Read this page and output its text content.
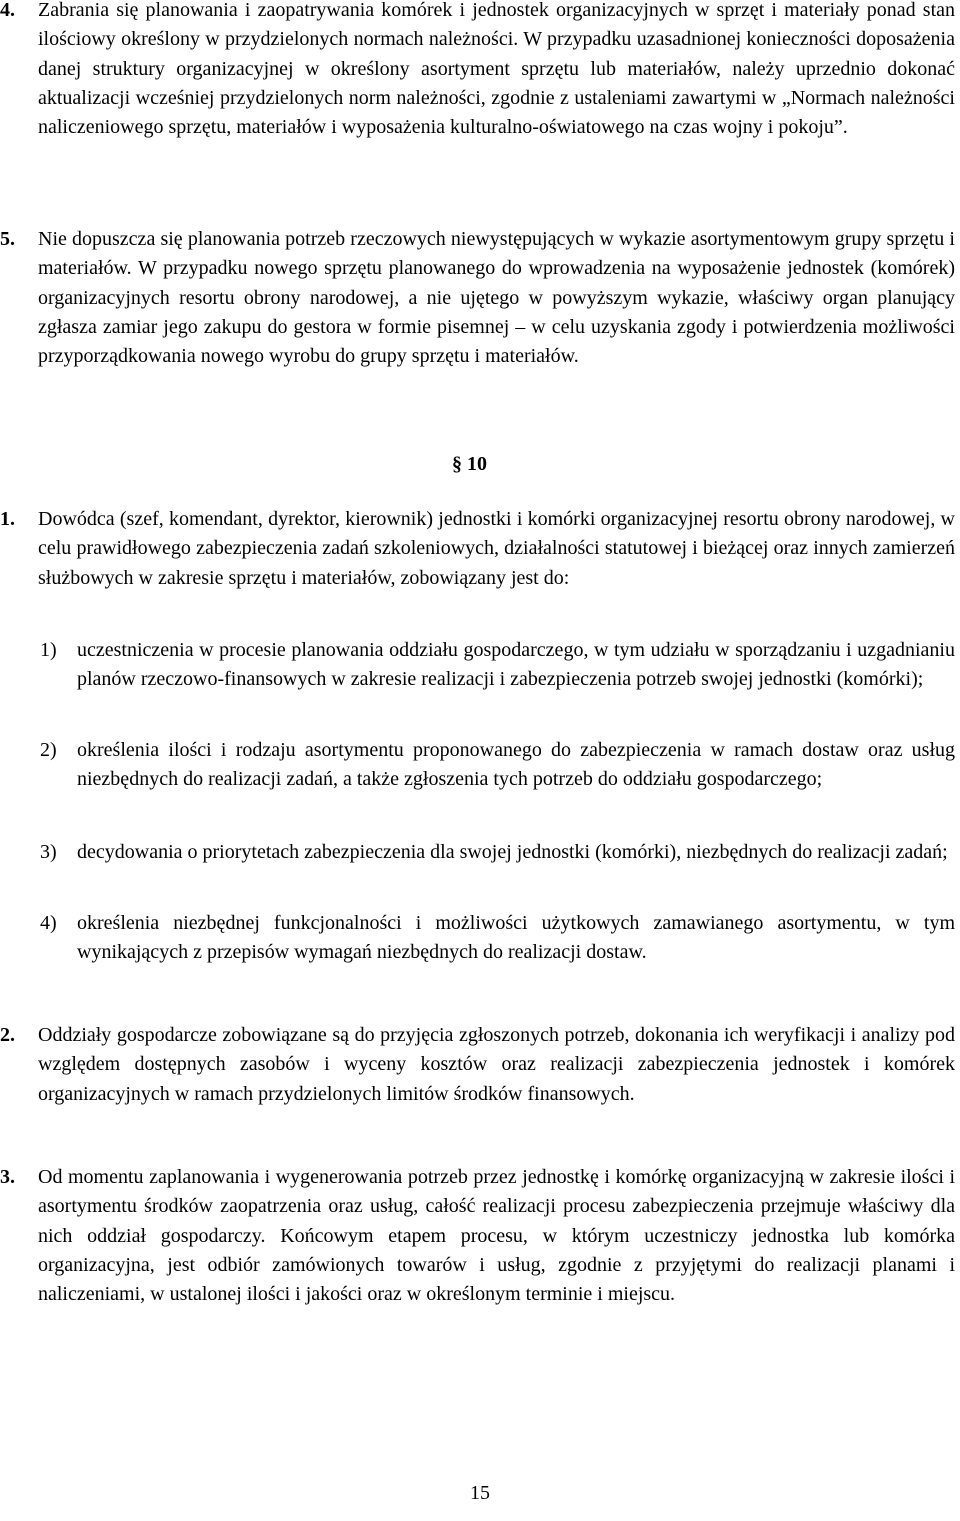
4. Zabrania się planowania i zaopatrywania komórek i jednostek organizacyjnych w sprzęt i materiały ponad stan ilościowy określony w przydzielonych normach należności. W przypadku uzasadnionej konieczności doposażenia danej struktury organizacyjnej w określony asortyment sprzętu lub materiałów, należy uprzednio dokonać aktualizacji wcześniej przydzielonych norm należności, zgodnie z ustaleniami zawartymi w „Normach należności naliczeniowego sprzętu, materiałów i wyposażenia kulturalno-oświatowego na czas wojny i pokoju”.
5. Nie dopuszcza się planowania potrzeb rzeczowych niewystępujących w wykazie asortymentowym grupy sprzętu i materiałów. W przypadku nowego sprzętu planowanego do wprowadzenia na wyposażenie jednostek (komórek) organizacyjnych resortu obrony narodowej, a nie ujętego w powyższym wykazie, właściwy organ planujący zgłasza zamiar jego zakupu do gestora w formie pisemnej – w celu uzyskania zgody i potwierdzenia możliwości przyporządkowania nowego wyrobu do grupy sprzętu i materiałów.
§ 10
1. Dowódca (szef, komendant, dyrektor, kierownik) jednostki i komórki organizacyjnej resortu obrony narodowej, w celu prawidłowego zabezpieczenia zadań szkoleniowych, działalności statutowej i bieżącej oraz innych zamierzeń służbowych w zakresie sprzętu i materiałów, zobowiązany jest do:
1) uczestniczenia w procesie planowania oddziału gospodarczego, w tym udziału w sporządzaniu i uzgadnianiu planów rzeczowo-finansowych w zakresie realizacji i zabezpieczenia potrzeb swojej jednostki (komórki);
2) określenia ilości i rodzaju asortymentu proponowanego do zabezpieczenia w ramach dostaw oraz usług niezbędnych do realizacji zadań, a także zgłoszenia tych potrzeb do oddziału gospodarczego;
3) decydowania o priorytetach zabezpieczenia dla swojej jednostki (komórki), niezbędnych do realizacji zadań;
4) określenia niezbędnej funkcjonalności i możliwości użytkowych zamawianego asortymentu, w tym wynikających z przepisów wymagań niezbędnych do realizacji dostaw.
2. Oddziały gospodarcze zobowiązane są do przyjęcia zgłoszonych potrzeb, dokonania ich weryfikacji i analizy pod względem dostępnych zasobów i wyceny kosztów oraz realizacji zabezpieczenia jednostek i komórek organizacyjnych w ramach przydzielonych limitów środków finansowych.
3. Od momentu zaplanowania i wygenerowania potrzeb przez jednostkę i komórkę organizacyjną w zakresie ilości i asortymentu środków zaopatrzenia oraz usług, całość realizacji procesu zabezpieczenia przejmuje właściwy dla nich oddział gospodarczy. Końcowym etapem procesu, w którym uczestniczy jednostka lub komórka organizacyjna, jest odbiór zamówionych towarów i usług, zgodnie z przyjętymi do realizacji planami i naliczeniami, w ustalonej ilości i jakości oraz w określonym terminie i miejscu.
15
